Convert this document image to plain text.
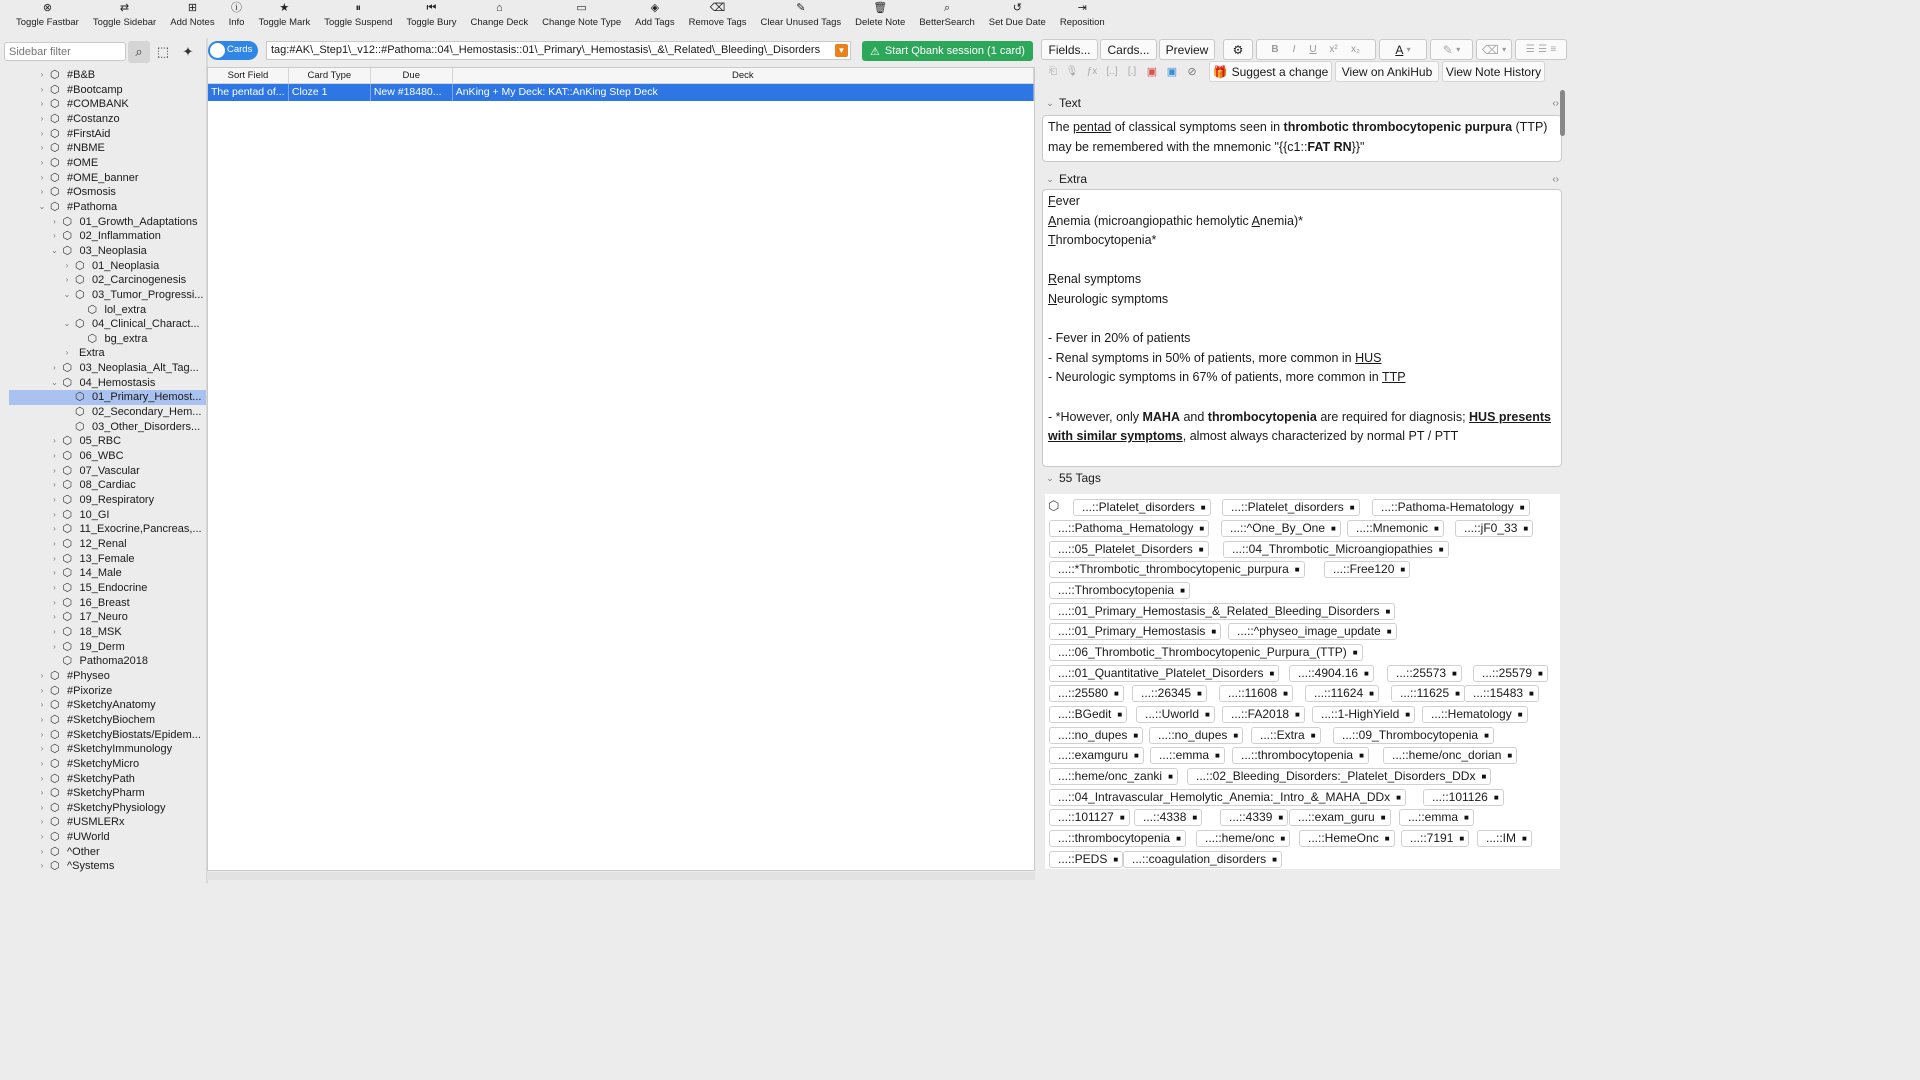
⊗
Toggle Fastbar
⇄
Toggle Sidebar
⊞
Add Notes
ⓘ
Info
★
Toggle Mark
⏸
Toggle Suspend
⏮
Toggle Bury
⌂
Change Deck
▭
Change Note Type
◈
Add Tags
⌫
Remove Tags
✎
Clear Unused Tags
🗑
Delete Note
⌕
BetterSearch
↺
Set Due Date
⇥
Reposition
Sidebar filter
⌕	⬚	✦
› ⬡ #B&B
› ⬡ #Bootcamp
› ⬡ #COMBANK
› ⬡ #Costanzo
› ⬡ #FirstAid
› ⬡ #NBME
› ⬡ #OME
› ⬡ #OME_banner
› ⬡ #Osmosis
⌄ ⬡ #Pathoma
› ⬡ 01_Growth_Adaptations
› ⬡ 02_Inflammation
⌄ ⬡ 03_Neoplasia
› ⬡ 01_Neoplasia
› ⬡ 02_Carcinogenesis
⌄ ⬡ 03_Tumor_Progressi...
⬡ lol_extra
⌄ ⬡ 04_Clinical_Charact...
⬡ bg_extra
› Extra
› ⬡ 03_Neoplasia_Alt_Tag...
⌄ ⬡ 04_Hemostasis
⬡ 01_Primary_Hemost...
⬡ 02_Secondary_Hem...
⬡ 03_Other_Disorders...
› ⬡ 05_RBC
› ⬡ 06_WBC
› ⬡ 07_Vascular
› ⬡ 08_Cardiac
› ⬡ 09_Respiratory
› ⬡ 10_GI
› ⬡ 11_Exocrine,Pancreas,...
› ⬡ 12_Renal
› ⬡ 13_Female
› ⬡ 14_Male
› ⬡ 15_Endocrine
› ⬡ 16_Breast
› ⬡ 17_Neuro
› ⬡ 18_MSK
› ⬡ 19_Derm
⬡ Pathoma2018
› ⬡ #Physeo
› ⬡ #Pixorize
› ⬡ #SketchyAnatomy
› ⬡ #SketchyBiochem
› ⬡ #SketchyBiostats/Epidem...
› ⬡ #SketchyImmunology
› ⬡ #SketchyMicro
› ⬡ #SketchyPath
› ⬡ #SketchyPharm
› ⬡ #SketchyPhysiology
› ⬡ #USMLERx
› ⬡ #UWorld
› ⬡ ^Other
› ⬡ ^Systems
Cards	tag:#AK\_Step1\_v12::#Pathoma::04\_Hemostasis::01\_Primary\_Hemostasis\_&\_Related\_Bleeding\_Disorders	▼ ⚠ Start Qbank session (1 card)
Sort Field	Card Type	Due	Deck
The pentad of... Cloze 1	New #18480...	AnKing + My Deck: KAT::AnKing Step Deck
Fields...	Cards...	Preview	⚙	B	I	U	x²	x₂	A
▾	✎
▾ ⌫
▾ ☰
☰
≡
⎗ 🎙 ƒx [..]	[.] ▣ ▣ ⊘	🎁 Suggest a change	View on AnkiHub	View Note History
⌄ Text	‹›
The pentad of classical symptoms seen in thrombotic thrombocytopenic purpura (TTP) may be remembered with the mnemonic "{{c1::FAT RN}}"
⌄ Extra	‹›

Fever

Anemia (microangiopathic hemolytic Anemia)*

Thrombocytopenia*

Renal symptoms

Neurologic symptoms

- Fever in 20% of patients

- Renal symptoms in 50% of patients, more common in HUS

- Neurologic symptoms in 67% of patients, more common in TTP

- *However, only MAHA and thrombocytopenia are required for diagnosis; HUS presents with similar symptoms, almost always characterized by normal PT / PTT

⌄ 55 Tags
⬡ ...::Platelet_disorders ■ ...::Platelet_disorders ■ ...::Pathoma-Hematology ■
...::Pathoma_Hematology ■ ...::^One_By_One ■ ...::Mnemonic ■ ...::jF0_33 ■
...::05_Platelet_Disorders ■ ...::04_Thrombotic_Microangiopathies ■
...::*Thrombotic_thrombocytopenic_purpura ■	...::Free120 ■
...::Thrombocytopenia ■
...::01_Primary_Hemostasis_&_Related_Bleeding_Disorders ■
...::01_Primary_Hemostasis ■ ...::^physeo_image_update ■
...::06_Thrombotic_Thrombocytopenic_Purpura_(TTP) ■
...::01_Quantitative_Platelet_Disorders ■ ...::4904.16 ■ ...::25573 ■ ...::25579 ■
...::25580 ■ ...::26345 ■ ...::11608 ■ ...::11624 ■ ...::11625 ■ ...::15483 ■
...::BGedit ■ ...::Uworld ■ ...::FA2018 ■ ...::1-HighYield ■ ...::Hematology ■
...::no_dupes ■ ...::no_dupes ■ ...::Extra ■ ...::09_Thrombocytopenia ■
...::examguru ■ ...::emma ■ ...::thrombocytopenia ■ ...::heme/onc_dorian ■
...::heme/onc_zanki ■ ...::02_Bleeding_Disorders:_Platelet_Disorders_DDx ■
...::04_Intravascular_Hemolytic_Anemia:_Intro_&_MAHA_DDx ■	...::101126 ■
...::101127 ■ ...::4338 ■	...::4339 ■ ...::exam_guru ■ ...::emma ■
...::thrombocytopenia ■ ...::heme/onc ■ ...::HemeOnc ■ ...::7191 ■ ...::IM ■
...::PEDS ■ ...::coagulation_disorders ■
